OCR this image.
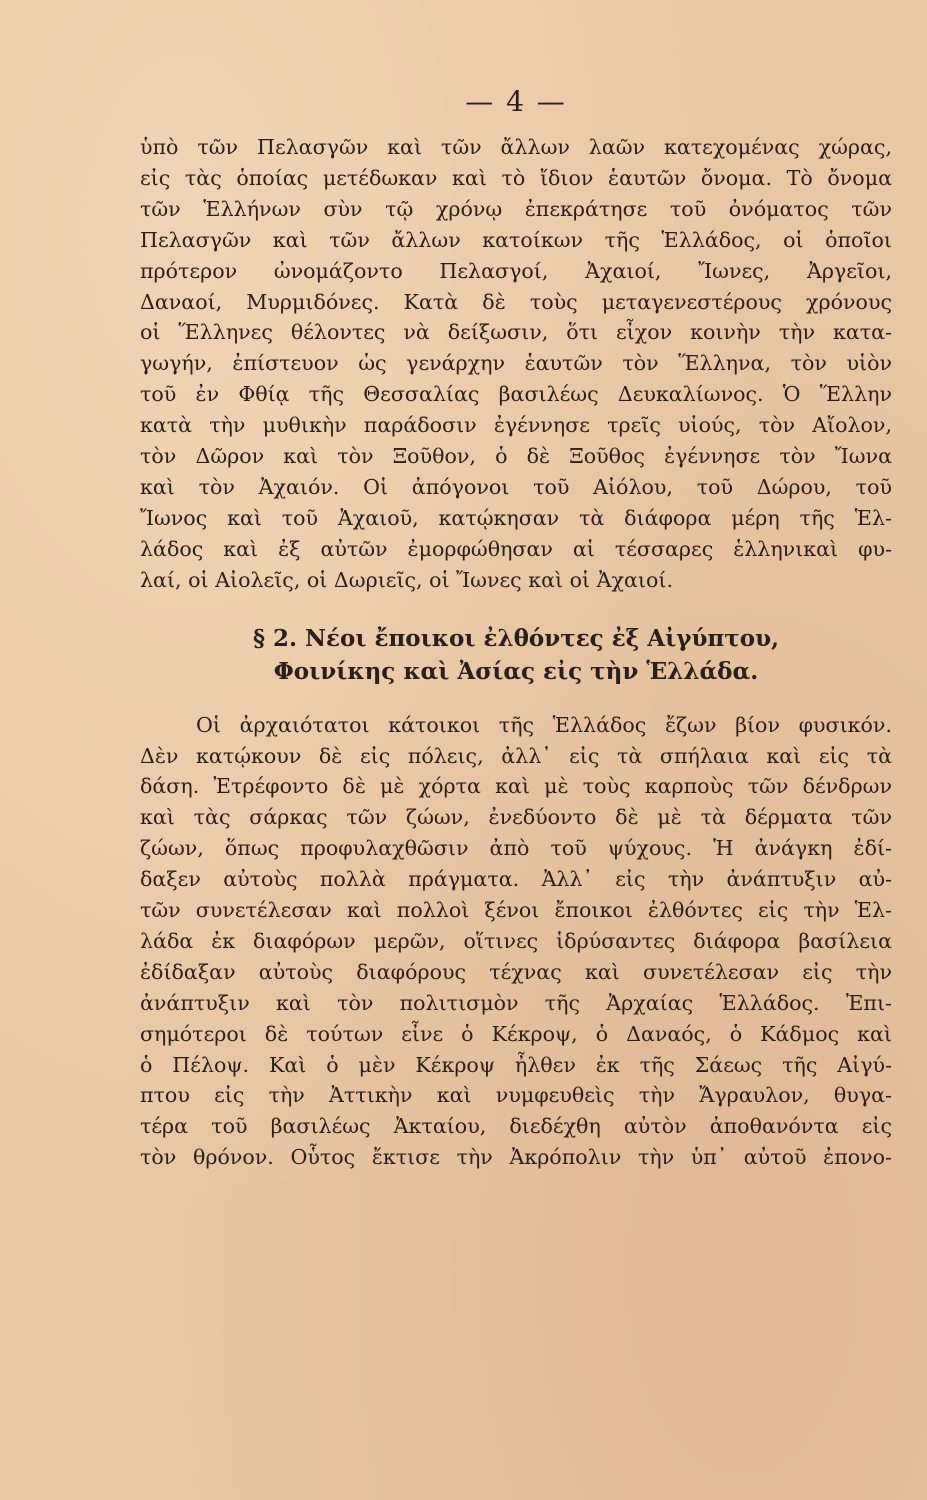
— 4 —
ὑπὸ τῶν Πελασγῶν καὶ τῶν ἄλλων λαῶν κατεχομένας χώρας,
εἰς τὰς ὁποίας μετέδωκαν καὶ τὸ ἴδιον ἑαυτῶν ὄνομα. Τὸ ὄνομα
τῶν Ἑλλήνων σὺν τῷ χρόνῳ ἐπεκράτησε τοῦ ὀνόματος τῶν
Πελασγῶν καὶ τῶν ἄλλων κατοίκων τῆς Ἑλλάδος, οἱ ὁποῖοι
πρότερον ὠνομάζοντο Πελασγοί, Ἀχαιοί, Ἴωνες, Ἀργεῖοι,
Δαναοί, Μυρμιδόνες. Κατὰ δὲ τοὺς μεταγενεστέρους χρόνους
οἱ Ἕλληνες θέλοντες νὰ δείξωσιν, ὅτι εἶχον κοινὴν τὴν κατα-
γωγήν, ἐπίστευον ὡς γενάρχην ἑαυτῶν τὸν Ἕλληνα, τὸν υἱὸν
τοῦ ἐν Φθίᾳ τῆς Θεσσαλίας βασιλέως Δευκαλίωνος. Ὁ Ἕλλην
κατὰ τὴν μυθικὴν παράδοσιν ἐγέννησε τρεῖς υἱούς, τὸν Αἴολον,
τὸν Δῶρον καὶ τὸν Ξοῦθον, ὁ δὲ Ξοῦθος ἐγέννησε τὸν Ἴωνα
καὶ τὸν Ἀχαιόν. Οἱ ἀπόγονοι τοῦ Αἰόλου, τοῦ Δώρου, τοῦ
Ἴωνος καὶ τοῦ Ἀχαιοῦ, κατῴκησαν τὰ διάφορα μέρη τῆς Ἑλ-
λάδος καὶ ἐξ αὐτῶν ἐμορφώθησαν αἱ τέσσαρες ἑλληνικαὶ φυ-
λαί, οἱ Αἰολεῖς, οἱ Δωριεῖς, οἱ Ἴωνες καὶ οἱ Ἀχαιοί.
§ 2. Νέοι ἔποικοι ἐλθόντες ἐξ Αἰγύπτου,
Φοινίκης καὶ Ἀσίας εἰς τὴν Ἑλλάδα.
Οἱ ἀρχαιότατοι κάτοικοι τῆς Ἑλλάδος ἔζων βίον φυσικόν.
Δὲν κατῴκουν δὲ εἰς πόλεις, ἀλλ᾽ εἰς τὰ σπήλαια καὶ εἰς τὰ
δάση. Ἐτρέφοντο δὲ μὲ χόρτα καὶ μὲ τοὺς καρποὺς τῶν δένδρων
καὶ τὰς σάρκας τῶν ζώων, ἐνεδύοντο δὲ μὲ τὰ δέρματα τῶν
ζώων, ὅπως προφυλαχθῶσιν ἀπὸ τοῦ ψύχους. Ἡ ἀνάγκη ἐδί-
δαξεν αὐτοὺς πολλὰ πράγματα. Ἀλλ᾽ εἰς τὴν ἀνάπτυξιν αὐ-
τῶν συνετέλεσαν καὶ πολλοὶ ξένοι ἔποικοι ἐλθόντες εἰς τὴν Ἑλ-
λάδα ἐκ διαφόρων μερῶν, οἵτινες ἱδρύσαντες διάφορα βασίλεια
ἐδίδαξαν αὐτοὺς διαφόρους τέχνας καὶ συνετέλεσαν εἰς τὴν
ἀνάπτυξιν καὶ τὸν πολιτισμὸν τῆς Ἀρχαίας Ἑλλάδος. Ἐπι-
σημότεροι δὲ τούτων εἶνε ὁ Κέκροψ, ὁ Δαναός, ὁ Κάδμος καὶ
ὁ Πέλοψ. Καὶ ὁ μὲν Κέκροψ ἦλθεν ἐκ τῆς Σάεως τῆς Αἰγύ-
πτου εἰς τὴν Ἀττικὴν καὶ νυμφευθεὶς τὴν Ἄγραυλον, θυγα-
τέρα τοῦ βασιλέως Ἀκταίου, διεδέχθη αὐτὸν ἀποθανόντα εἰς
τὸν θρόνον. Οὗτος ἔκτισε τὴν Ἀκρόπολιν τὴν ὑπ᾽ αὐτοῦ ἐπονο-
